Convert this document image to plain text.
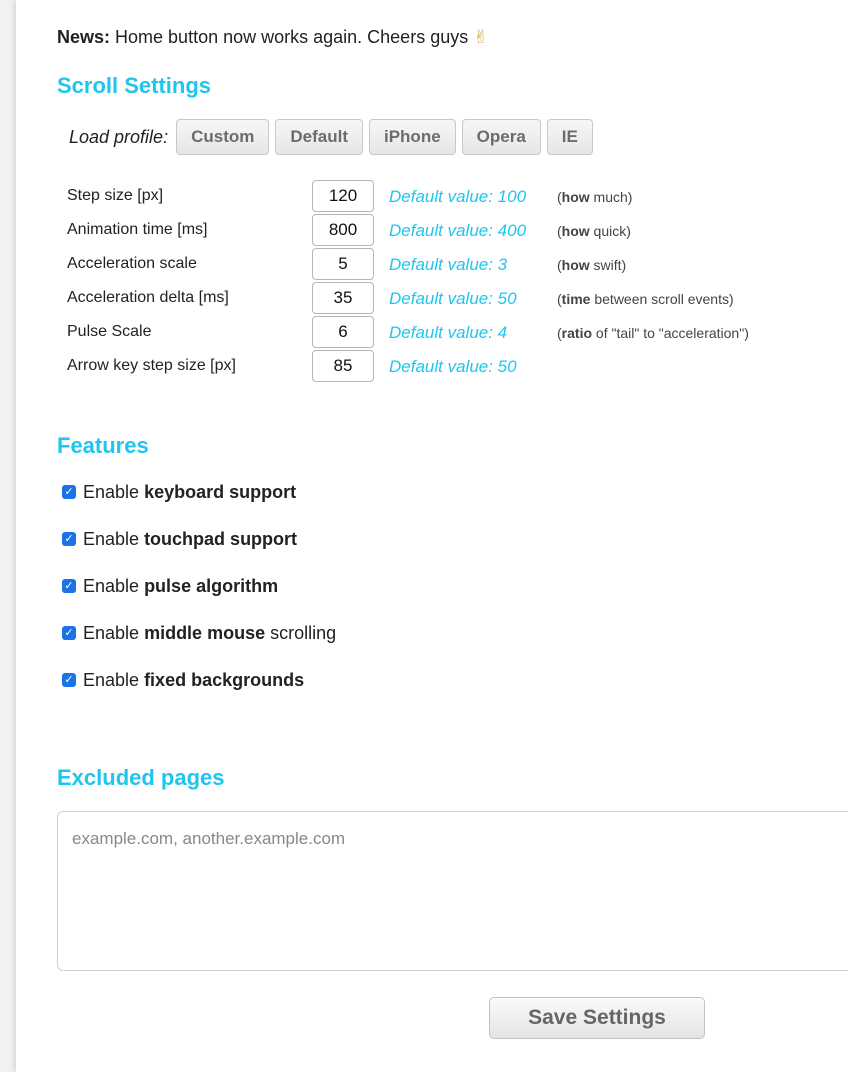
News: Home button now works again. Cheers guys ✌
Scroll Settings
Load profile:	Custom	Default	iPhone	Opera	IE
Step size [px]	120	Default value: 100 (how much)
Animation time [ms]	800	Default value: 400 (how quick)
Acceleration scale	5	Default value: 3	(how swift)
Acceleration delta [ms]	35	Default value: 50	(time between scroll events)
Pulse Scale	6	Default value: 4	(ratio of "tail" to "acceleration")
Arrow key step size [px]	85	Default value: 50
Features
✓ Enable keyboard support
✓ Enable touchpad support
✓ Enable pulse algorithm
✓ Enable middle mouse scrolling
✓ Enable fixed backgrounds
Excluded pages
example.com, another.example.com
Save Settings
